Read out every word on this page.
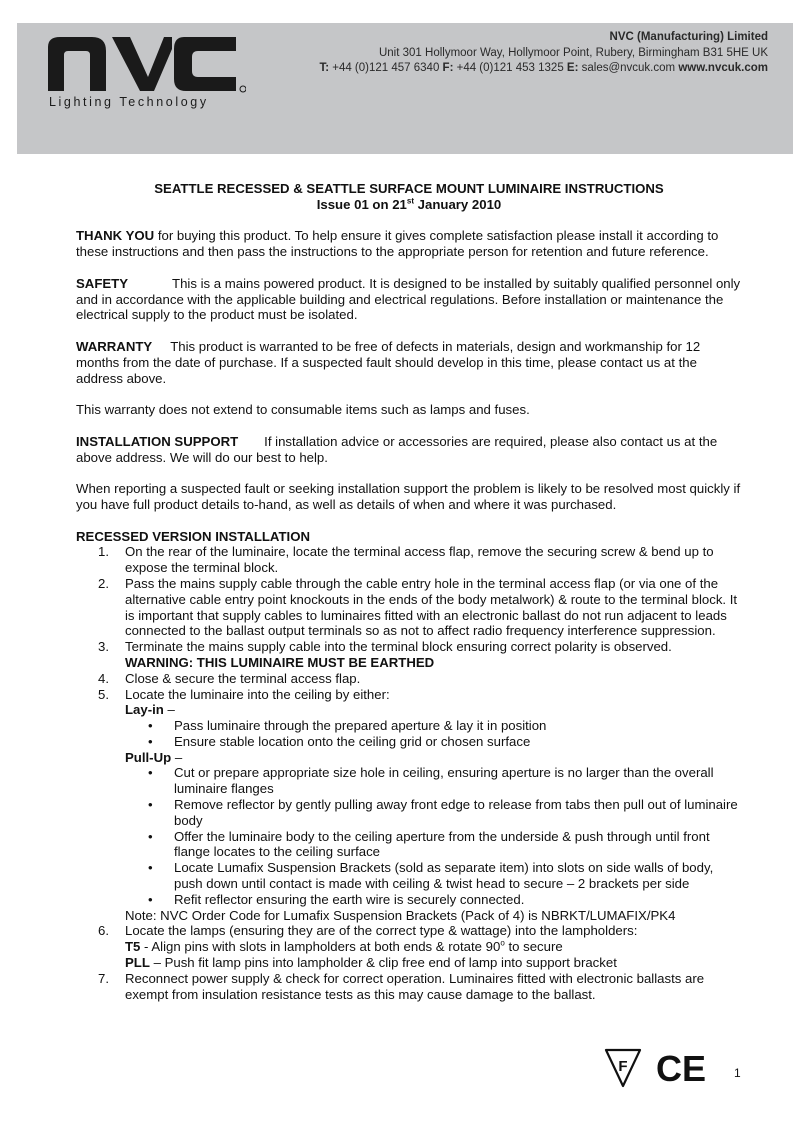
nVc
Lighting Technology
NVC (Manufacturing) Limited
Unit 301 Hollymoor Way, Hollymoor Point, Rubery, Birmingham B31 5HE UK
T: +44 (0)121 457 6340 F: +44 (0)121 453 1325 E: sales@nvcuk.com www.nvcuk.com

SEATTLE RECESSED & SEATTLE SURFACE MOUNT LUMINAIRE INSTRUCTIONS

Issue 01 on 21st January 2010

THANK YOU for buying this product. To help ensure it gives complete satisfaction please install it according to these instructions and then pass the instructions to the appropriate person for retention and future reference.

SAFETY	This is a mains powered product. It is designed to be installed by suitably qualified personnel only and in accordance with the applicable building and electrical regulations. Before installation or maintenance the electrical supply to the product must be isolated.

WARRANTY This product is warranted to be free of defects in materials, design and workmanship for 12 months from the date of purchase. If a suspected fault should develop in this time, please contact us at the address above.

This warranty does not extend to consumable items such as lamps and fuses.

INSTALLATION SUPPORT If installation advice or accessories are required, please also contact us at the above address. We will do our best to help.

When reporting a suspected fault or seeking installation support the problem is likely to be resolved most quickly if you have full product details to-hand, as well as details of when and where it was purchased.

RECESSED VERSION INSTALLATION

1. On the rear of the luminaire, locate the terminal access flap, remove the securing screw & bend up to expose the terminal block.
2. Pass the mains supply cable through the cable entry hole in the terminal access flap (or via one of the alternative cable entry point knockouts in the ends of the body metalwork) & route to the terminal block. It is important that supply cables to luminaires fitted with an electronic ballast do not run adjacent to leads connected to the ballast output terminals so as not to affect radio frequency interference suppression.
3. Terminate the mains supply cable into the terminal block ensuring correct polarity is observed.
WARNING: THIS LUMINAIRE MUST BE EARTHED
4. Close & secure the terminal access flap.
5. Locate the luminaire into the ceiling by either:
Lay-in –
• Pass luminaire through the prepared aperture & lay it in position
• Ensure stable location onto the ceiling grid or chosen surface
Pull-Up –
• Cut or prepare appropriate size hole in ceiling, ensuring aperture is no larger than the overall luminaire flanges
• Remove reflector by gently pulling away front edge to release from tabs then pull out of luminaire body
• Offer the luminaire body to the ceiling aperture from the underside & push through until front flange locates to the ceiling surface
• Locate Lumafix Suspension Brackets (sold as separate item) into slots on side walls of body, push down until contact is made with ceiling & twist head to secure – 2 brackets per side
• Refit reflector ensuring the earth wire is securely connected.
Note: NVC Order Code for Lumafix Suspension Brackets (Pack of 4) is NBRKT/LUMAFIX/PK4
6. Locate the lamps (ensuring they are of the correct type & wattage) into the lampholders:
T5 - Align pins with slots in lampholders at both ends & rotate 90$^o$ to secure
PLL – Push fit lamp pins into lampholder & clip free end of lamp into support bracket
7. Reconnect power supply & check for correct operation. Luminaires fitted with electronic ballasts are exempt from insulation resistance tests as this may cause damage to the ballast.
F CE 1
